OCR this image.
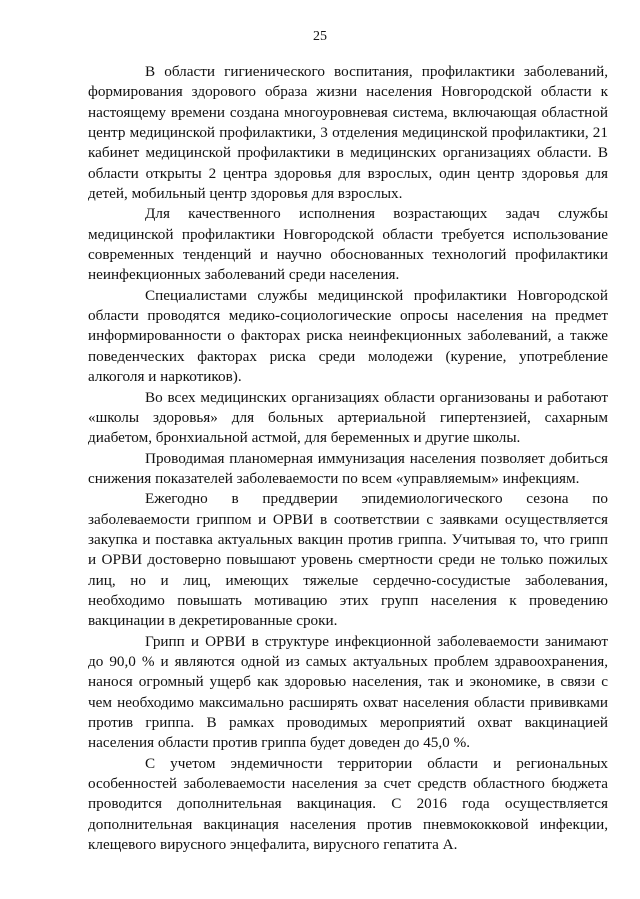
25

В области гигиенического воспитания, профилактики заболеваний, формирования здорового образа жизни населения Новгородской области к настоящему времени создана многоуровневая система, включающая областной центр медицинской профилактики, 3 отделения медицинской профилактики, 21 кабинет медицинской профилактики в медицинских организациях области. В области открыты 2 центра здоровья для взрослых, один центр здоровья для детей, мобильный центр здоровья для взрослых.

Для качественного исполнения возрастающих задач службы медицинской профилактики Новгородской области требуется использование современных тенденций и научно обоснованных технологий профилактики неинфекционных заболеваний среди населения.

Специалистами службы медицинской профилактики Новгородской области проводятся медико-социологические опросы населения на предмет информированности о факторах риска неинфекционных заболеваний, а также поведенческих факторах риска среди молодежи (курение, употребление алкоголя и наркотиков).

Во всех медицинских организациях области организованы и работают «школы здоровья» для больных артериальной гипертензией, сахарным диабетом, бронхиальной астмой, для беременных и другие школы.

Проводимая планомерная иммунизация населения позволяет добиться снижения показателей заболеваемости по всем «управляемым» инфекциям.

Ежегодно в преддверии эпидемиологического сезона по заболеваемости гриппом и ОРВИ в соответствии с заявками осуществляется закупка и поставка актуальных вакцин против гриппа. Учитывая то, что грипп и ОРВИ достоверно повышают уровень смертности среди не только пожилых лиц, но и лиц, имеющих тяжелые сердечно-сосудистые заболевания, необходимо повышать мотивацию этих групп населения к проведению вакцинации в декретированные сроки.

Грипп и ОРВИ в структуре инфекционной заболеваемости занимают до 90,0 % и являются одной из самых актуальных проблем здравоохранения, нанося огромный ущерб как здоровью населения, так и экономике, в связи с чем необходимо максимально расширять охват населения области прививками против гриппа. В рамках проводимых мероприятий охват вакцинацией населения области против гриппа будет доведен до 45,0 %.

С учетом эндемичности территории области и региональных особенностей заболеваемости населения за счет средств областного бюджета проводится дополнительная вакцинация. С 2016 года осуществляется дополнительная вакцинация населения против пневмококковой инфекции, клещевого вирусного энцефалита, вирусного гепатита А.
